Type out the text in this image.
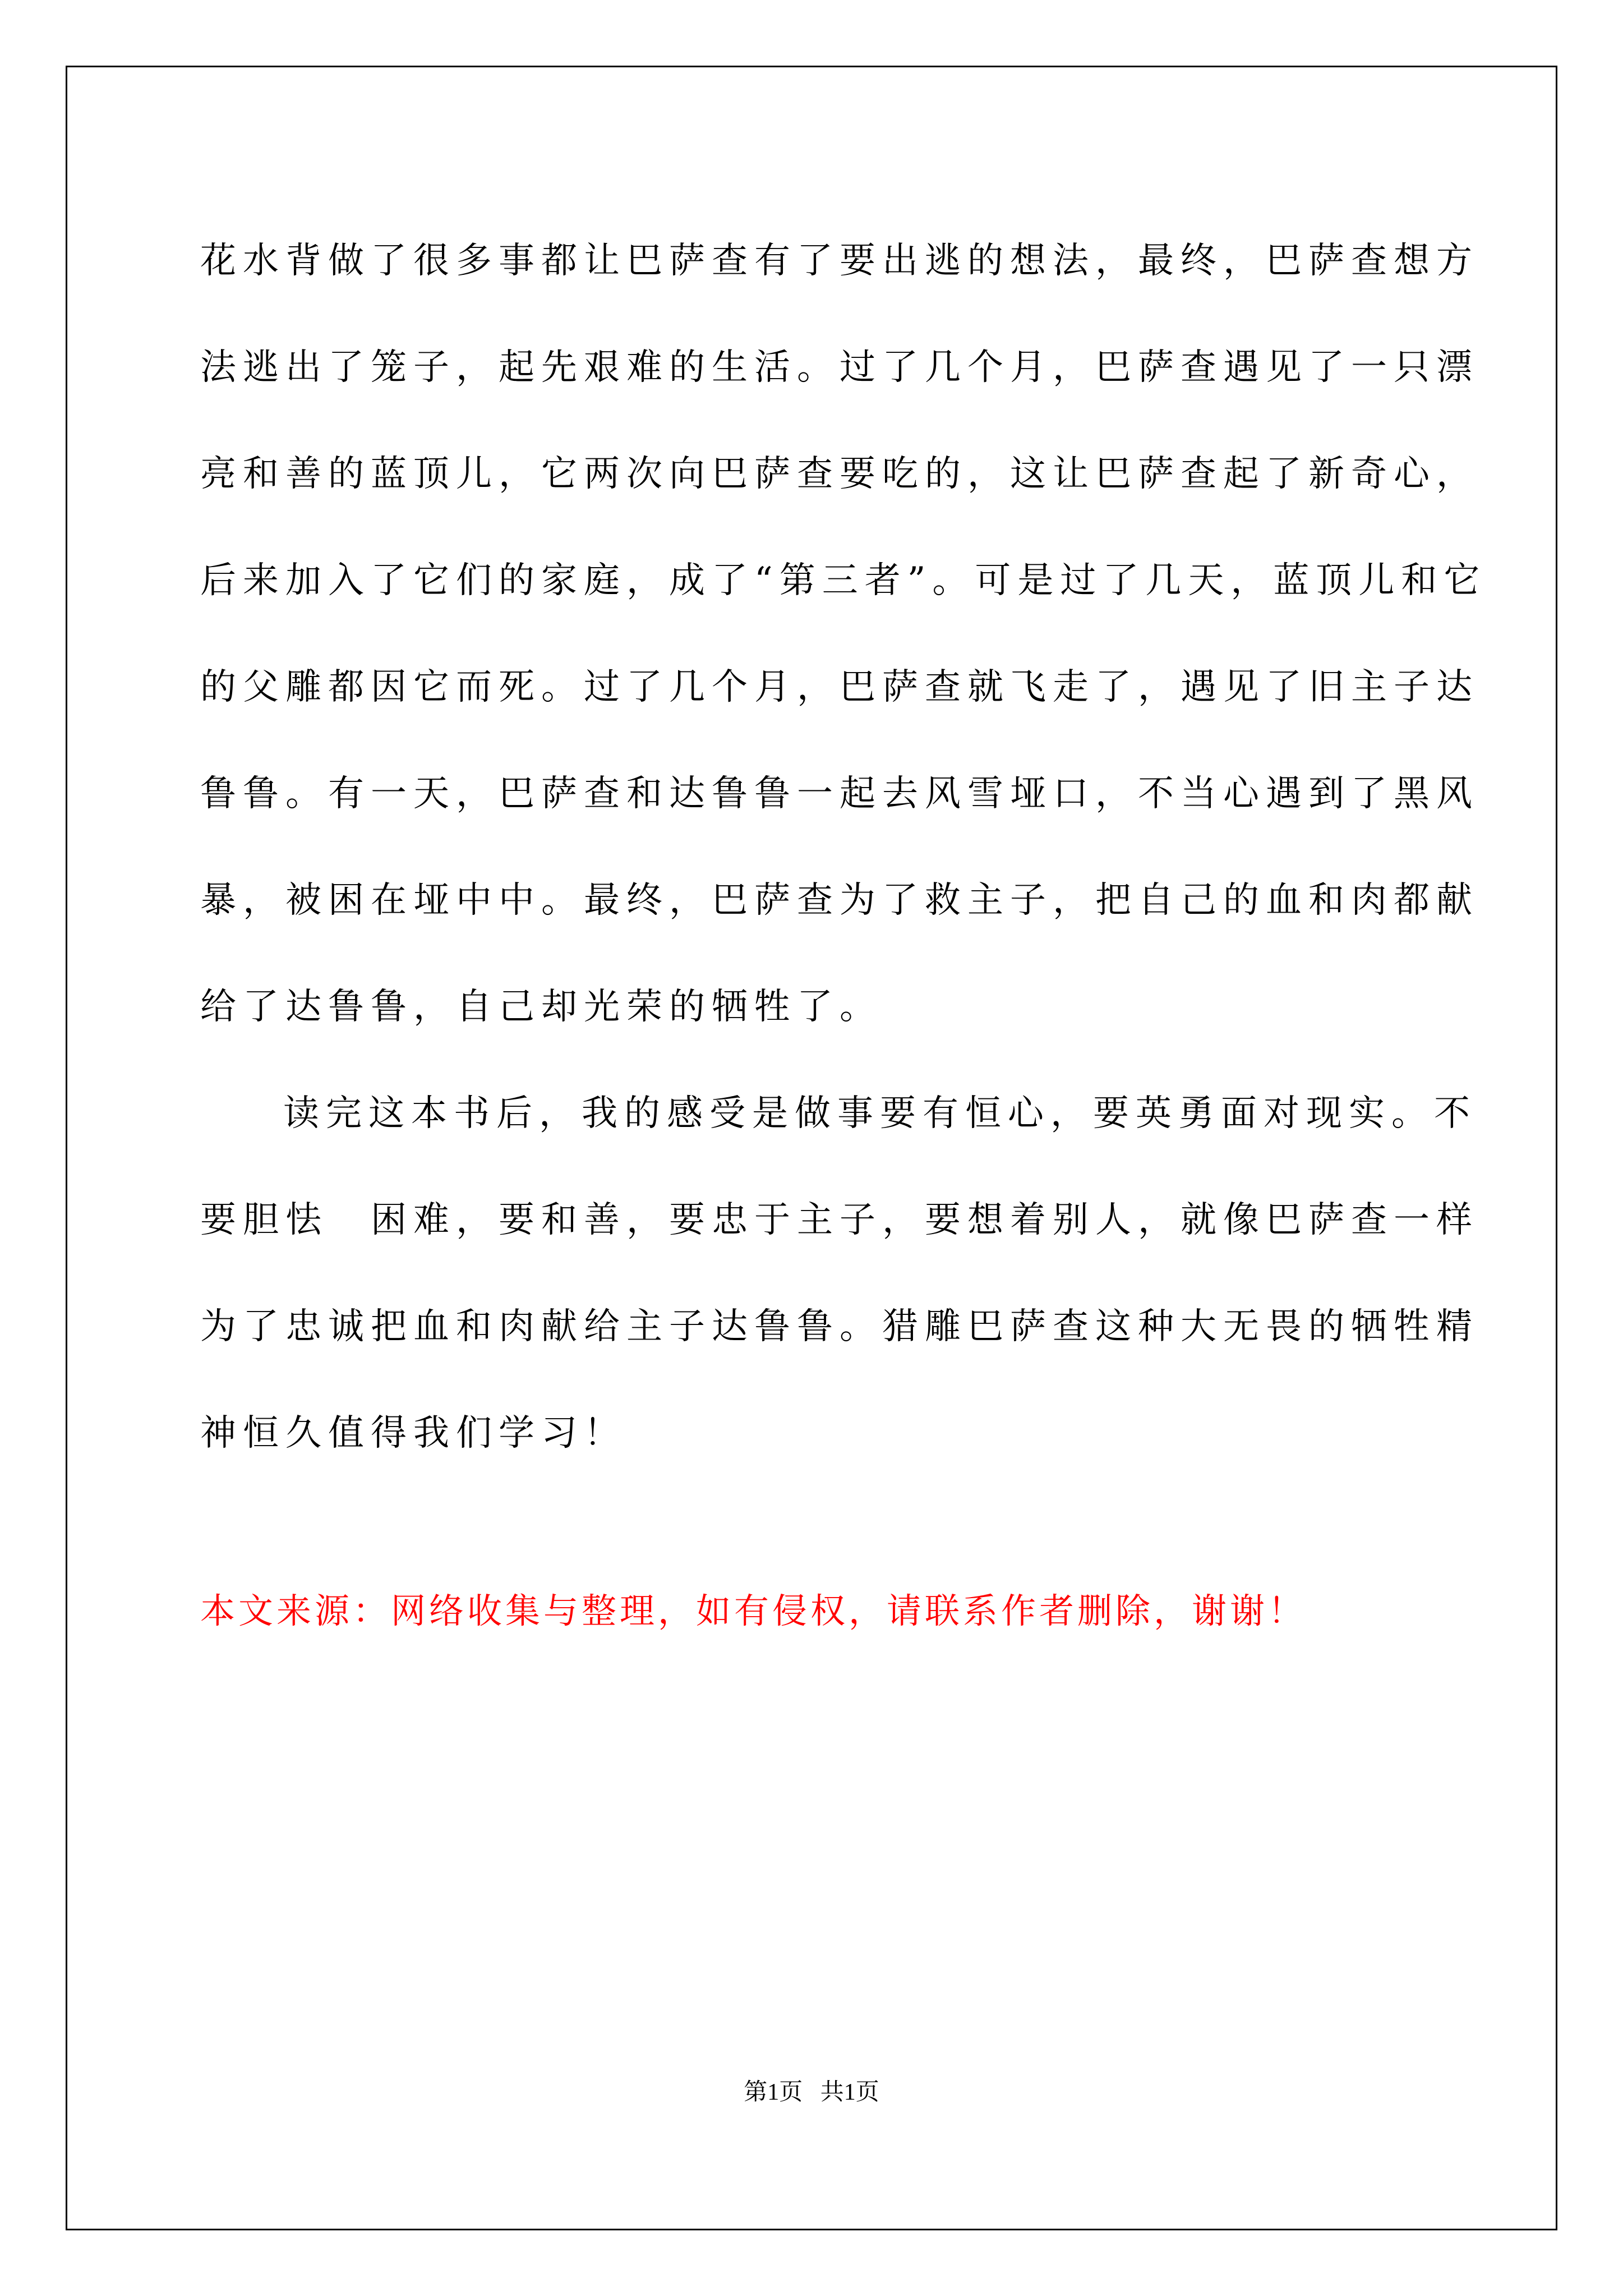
花水背做了很多事都让巴萨查有了要出逃的想法，最终，巴萨查想方
法逃出了笼子，起先艰难的生活。过了几个月，巴萨查遇见了一只漂
亮和善的蓝顶儿，它两次向巴萨查要吃的，这让巴萨查起了新奇心，
后来加入了它们的家庭，成了“第三者”。可是过了几天，蓝顶儿和它
的父雕都因它而死。过了几个月，巴萨查就飞走了，遇见了旧主子达
鲁鲁。有一天，巴萨查和达鲁鲁一起去风雪垭口，不当心遇到了黑风
暴，被困在垭中中。最终，巴萨查为了救主子，把自己的血和肉都献
给了达鲁鲁，自己却光荣的牺牲了。
读完这本书后，我的感受是做事要有恒心，要英勇面对现实。不
要胆怯　困难，要和善，要忠于主子，要想着别人，就像巴萨查一样
为了忠诚把血和肉献给主子达鲁鲁。猎雕巴萨查这种大无畏的牺牲精
神恒久值得我们学习！
本文来源：网络收集与整理，如有侵权，请联系作者删除，谢谢！
第1页   共1页
